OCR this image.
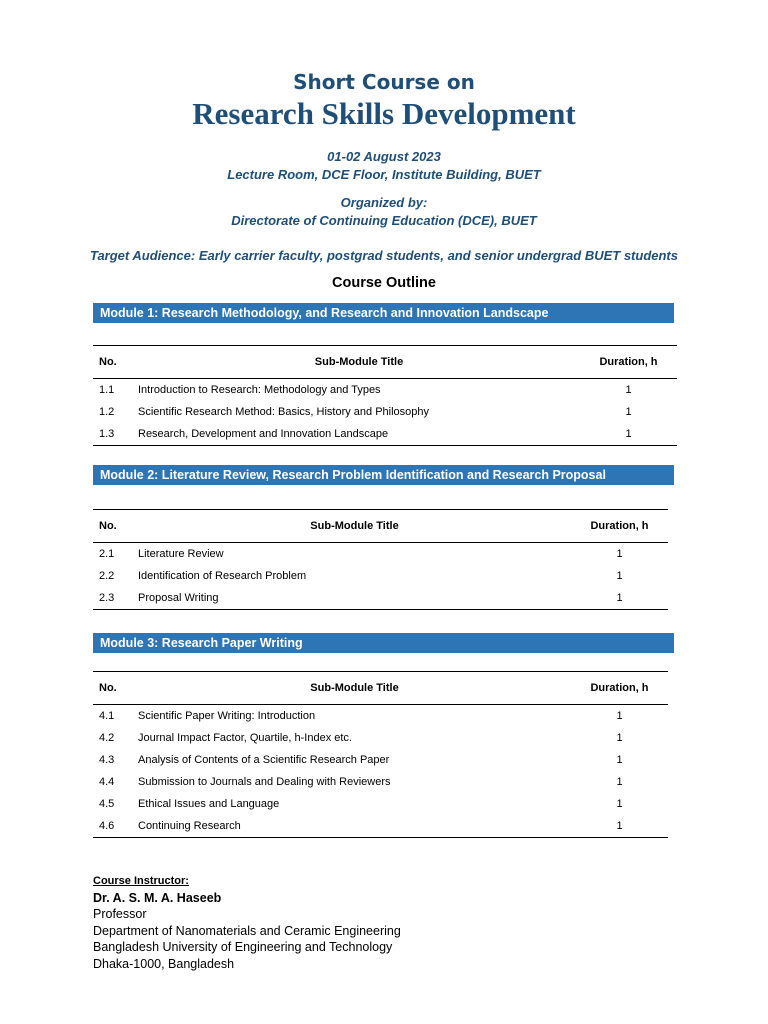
Short Course on
Research Skills Development
01-02 August 2023
Lecture Room, DCE Floor, Institute Building, BUET
Organized by:
Directorate of Continuing Education (DCE), BUET
Target Audience: Early carrier faculty, postgrad students, and senior undergrad BUET students
Course Outline
Module 1: Research Methodology, and Research and Innovation Landscape
No.	Sub-Module Title	Duration, h
1.1	Introduction to Research: Methodology and Types	1
1.2	Scientific Research Method: Basics, History and Philosophy	1
1.3	Research, Development and Innovation Landscape	1
Module 2: Literature Review, Research Problem Identification and Research Proposal
No.	Sub-Module Title	Duration, h
2.1	Literature Review	1
2.2	Identification of Research Problem	1
2.3	Proposal Writing	1
Module 3: Research Paper Writing
No.	Sub-Module Title	Duration, h
4.1	Scientific Paper Writing: Introduction	1
4.2	Journal Impact Factor, Quartile, h-Index etc.	1
4.3	Analysis of Contents of a Scientific Research Paper	1
4.4	Submission to Journals and Dealing with Reviewers	1
4.5	Ethical Issues and Language	1
4.6	Continuing Research	1
Course Instructor:
Dr. A. S. M. A. Haseeb
Professor
Department of Nanomaterials and Ceramic Engineering
Bangladesh University of Engineering and Technology
Dhaka-1000, Bangladesh
